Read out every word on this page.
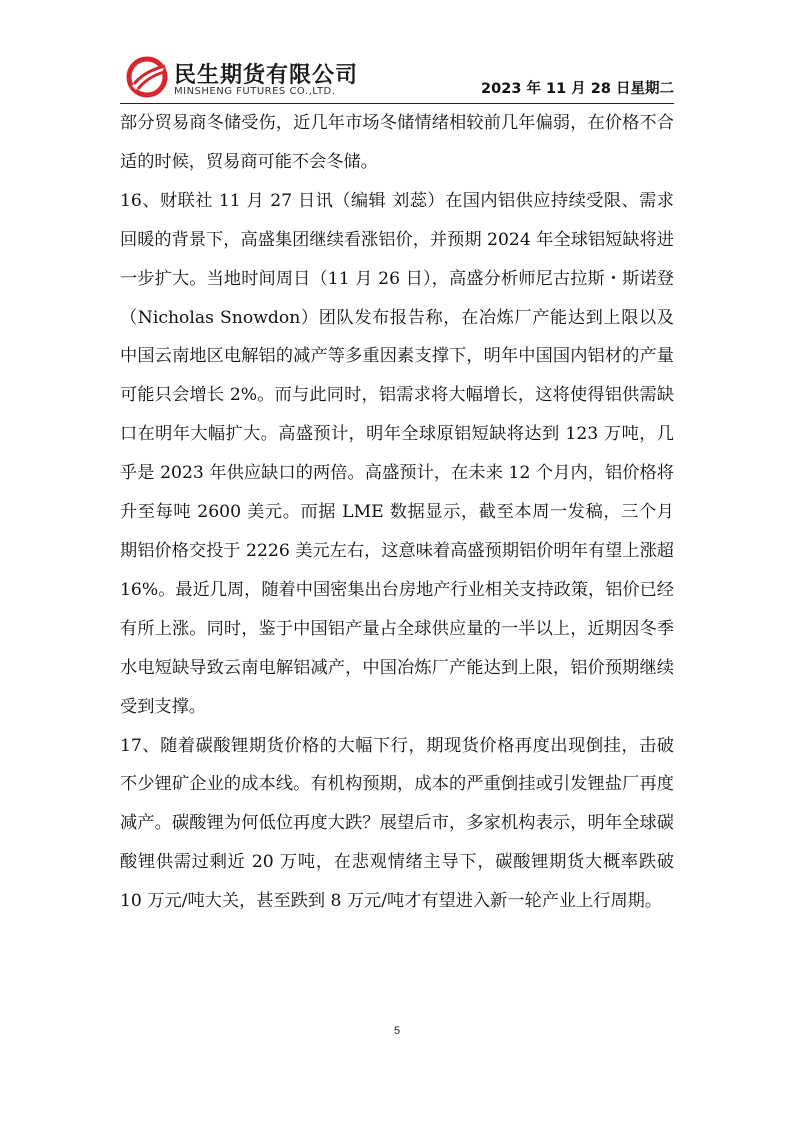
民生期货有限公司
MINSHENG FUTURES CO.,LTD.	2023 年 11 月 28 日星期二

部分贸易商冬储受伤，近几年市场冬储情绪相较前几年偏弱，在价格不合适的时候，贸易商可能不会冬储。

16、财联社 11 月 27 日讯（编辑 刘蕊）在国内铝供应持续受限、需求回暖的背景下，高盛集团继续看涨铝价，并预期 2024 年全球铝短缺将进一步扩大。当地时间周日（11 月 26 日），高盛分析师尼古拉斯・斯诺登（Nicholas Snowdon）团队发布报告称，在冶炼厂产能达到上限以及中国云南地区电解铝的减产等多重因素支撑下，明年中国国内铝材的产量可能只会增长 2%。而与此同时，铝需求将大幅增长，这将使得铝供需缺口在明年大幅扩大。高盛预计，明年全球原铝短缺将达到 123 万吨，几乎是 2023 年供应缺口的两倍。高盛预计，在未来 12 个月内，铝价格将升至每吨 2600 美元。而据 LME 数据显示，截至本周一发稿，三个月期铝价格交投于 2226 美元左右，这意味着高盛预期铝价明年有望上涨超 16%。最近几周，随着中国密集出台房地产行业相关支持政策，铝价已经有所上涨。同时，鉴于中国铝产量占全球供应量的一半以上，近期因冬季水电短缺导致云南电解铝减产，中国冶炼厂产能达到上限，铝价预期继续受到支撑。

17、随着碳酸锂期货价格的大幅下行，期现货价格再度出现倒挂，击破不少锂矿企业的成本线。有机构预期，成本的严重倒挂或引发锂盐厂再度减产。碳酸锂为何低位再度大跌？展望后市，多家机构表示，明年全球碳酸锂供需过剩近 20 万吨，在悲观情绪主导下，碳酸锂期货大概率跌破 10 万元/吨大关，甚至跌到 8 万元/吨才有望进入新一轮产业上行周期。

5
